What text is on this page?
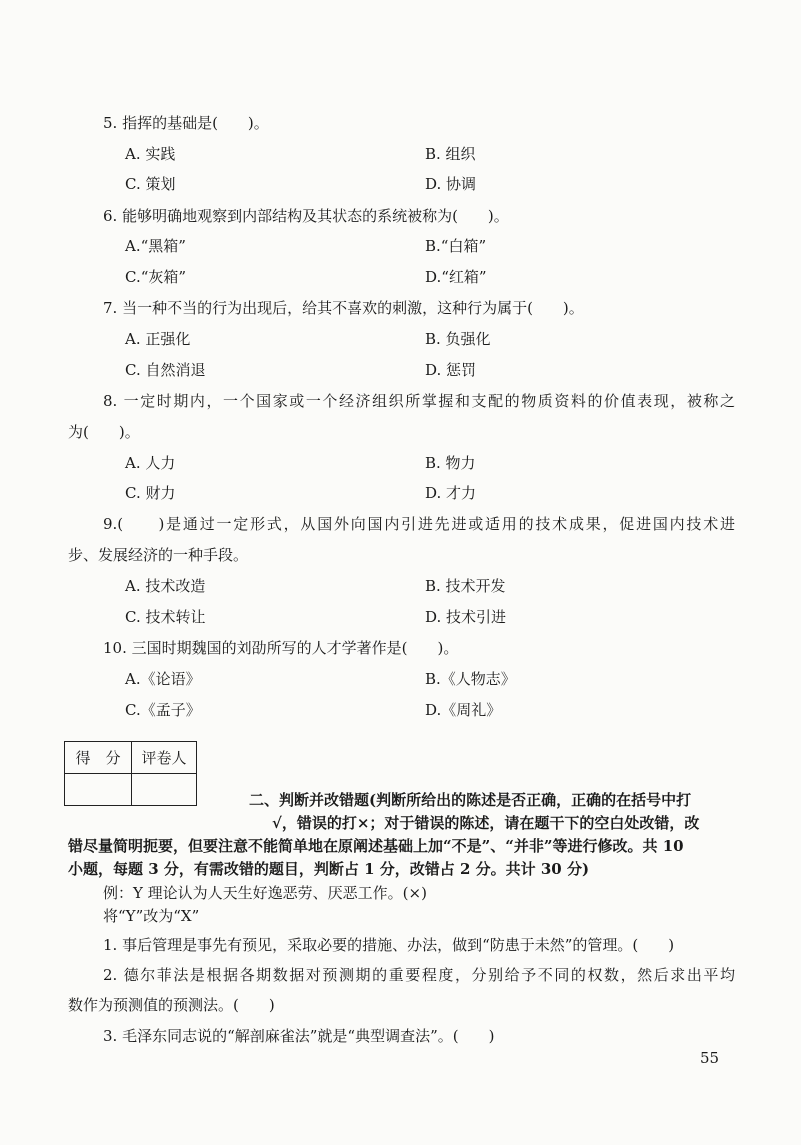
5. 指挥的基础是(　　)。
A. 实践	B. 组织
C. 策划	D. 协调
6. 能够明确地观察到内部结构及其状态的系统被称为(　　)。
A.“黑箱”	B.“白箱”
C.“灰箱”	D.“红箱”
7. 当一种不当的行为出现后，给其不喜欢的刺激，这种行为属于(　　)。
A. 正强化	B. 负强化
C. 自然消退	D. 惩罚
8. 一定时期内，一个国家或一个经济组织所掌握和支配的物质资料的价值表现，被称之
为(　　)。
A. 人力	B. 物力
C. 财力	D. 才力
9.(　　)是通过一定形式，从国外向国内引进先进或适用的技术成果，促进国内技术进
步、发展经济的一种手段。
A. 技术改造	B. 技术开发
C. 技术转让	D. 技术引进
10. 三国时期魏国的刘劭所写的人才学著作是(　　)。
A.《论语》	B.《人物志》
C.《孟子》	D.《周礼》
得　分	评卷人

二、判断并改错题(判断所给出的陈述是否正确，正确的在括号中打
√，错误的打×；对于错误的陈述，请在题干下的空白处改错，改
错尽量简明扼要，但要注意不能简单地在原阐述基础上加“不是”、“并非”等进行修改。共 10
小题，每题 3 分，有需改错的题目，判断占 1 分，改错占 2 分。共计 30 分)
例：Y 理论认为人天生好逸恶劳、厌恶工作。(×)
将“Y”改为“X”
1. 事后管理是事先有预见，采取必要的措施、办法，做到“防患于未然”的管理。(　　)
2. 德尔菲法是根据各期数据对预测期的重要程度，分别给予不同的权数，然后求出平均
数作为预测值的预测法。(　　)
3. 毛泽东同志说的“解剖麻雀法”就是“典型调查法”。(　　)
55
